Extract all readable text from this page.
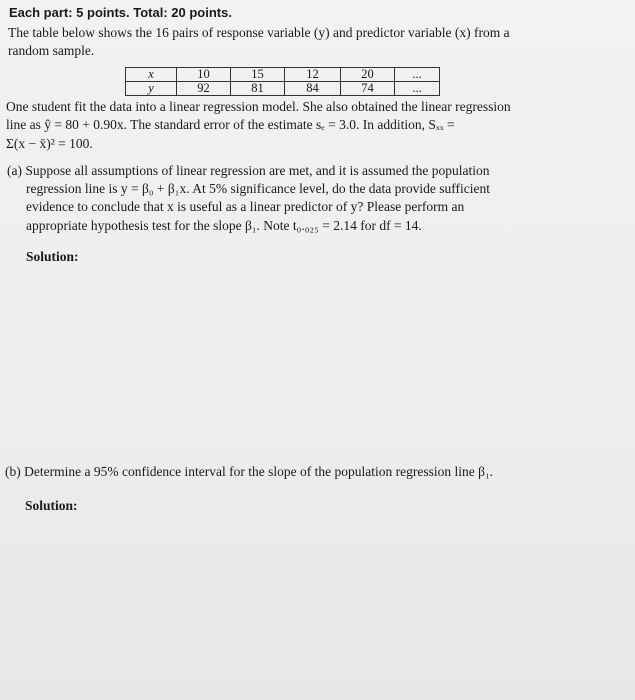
Each part: 5 points. Total: 20 points.
The table below shows the 16 pairs of response variable (y) and predictor variable (x) from a
random sample.
x	10	15	12	20	...
y	92	81	84	74	...
One student fit the data into a linear regression model. She also obtained the linear regression
line as ŷ = 80 + 0.90x. The standard error of the estimate sₑ = 3.0. In addition, Sₓₓ =
Σ(x − x̄)² = 100.
(a) Suppose all assumptions of linear regression are met, and it is assumed the population
regression line is y = β₀ + β₁x. At 5% significance level, do the data provide sufficient
evidence to conclude that x is useful as a linear predictor of y? Please perform an
appropriate hypothesis test for the slope β₁. Note t₀.₀₂₅ = 2.14 for df = 14.
Solution:
(b) Determine a 95% confidence interval for the slope of the population regression line β₁.
Solution:
